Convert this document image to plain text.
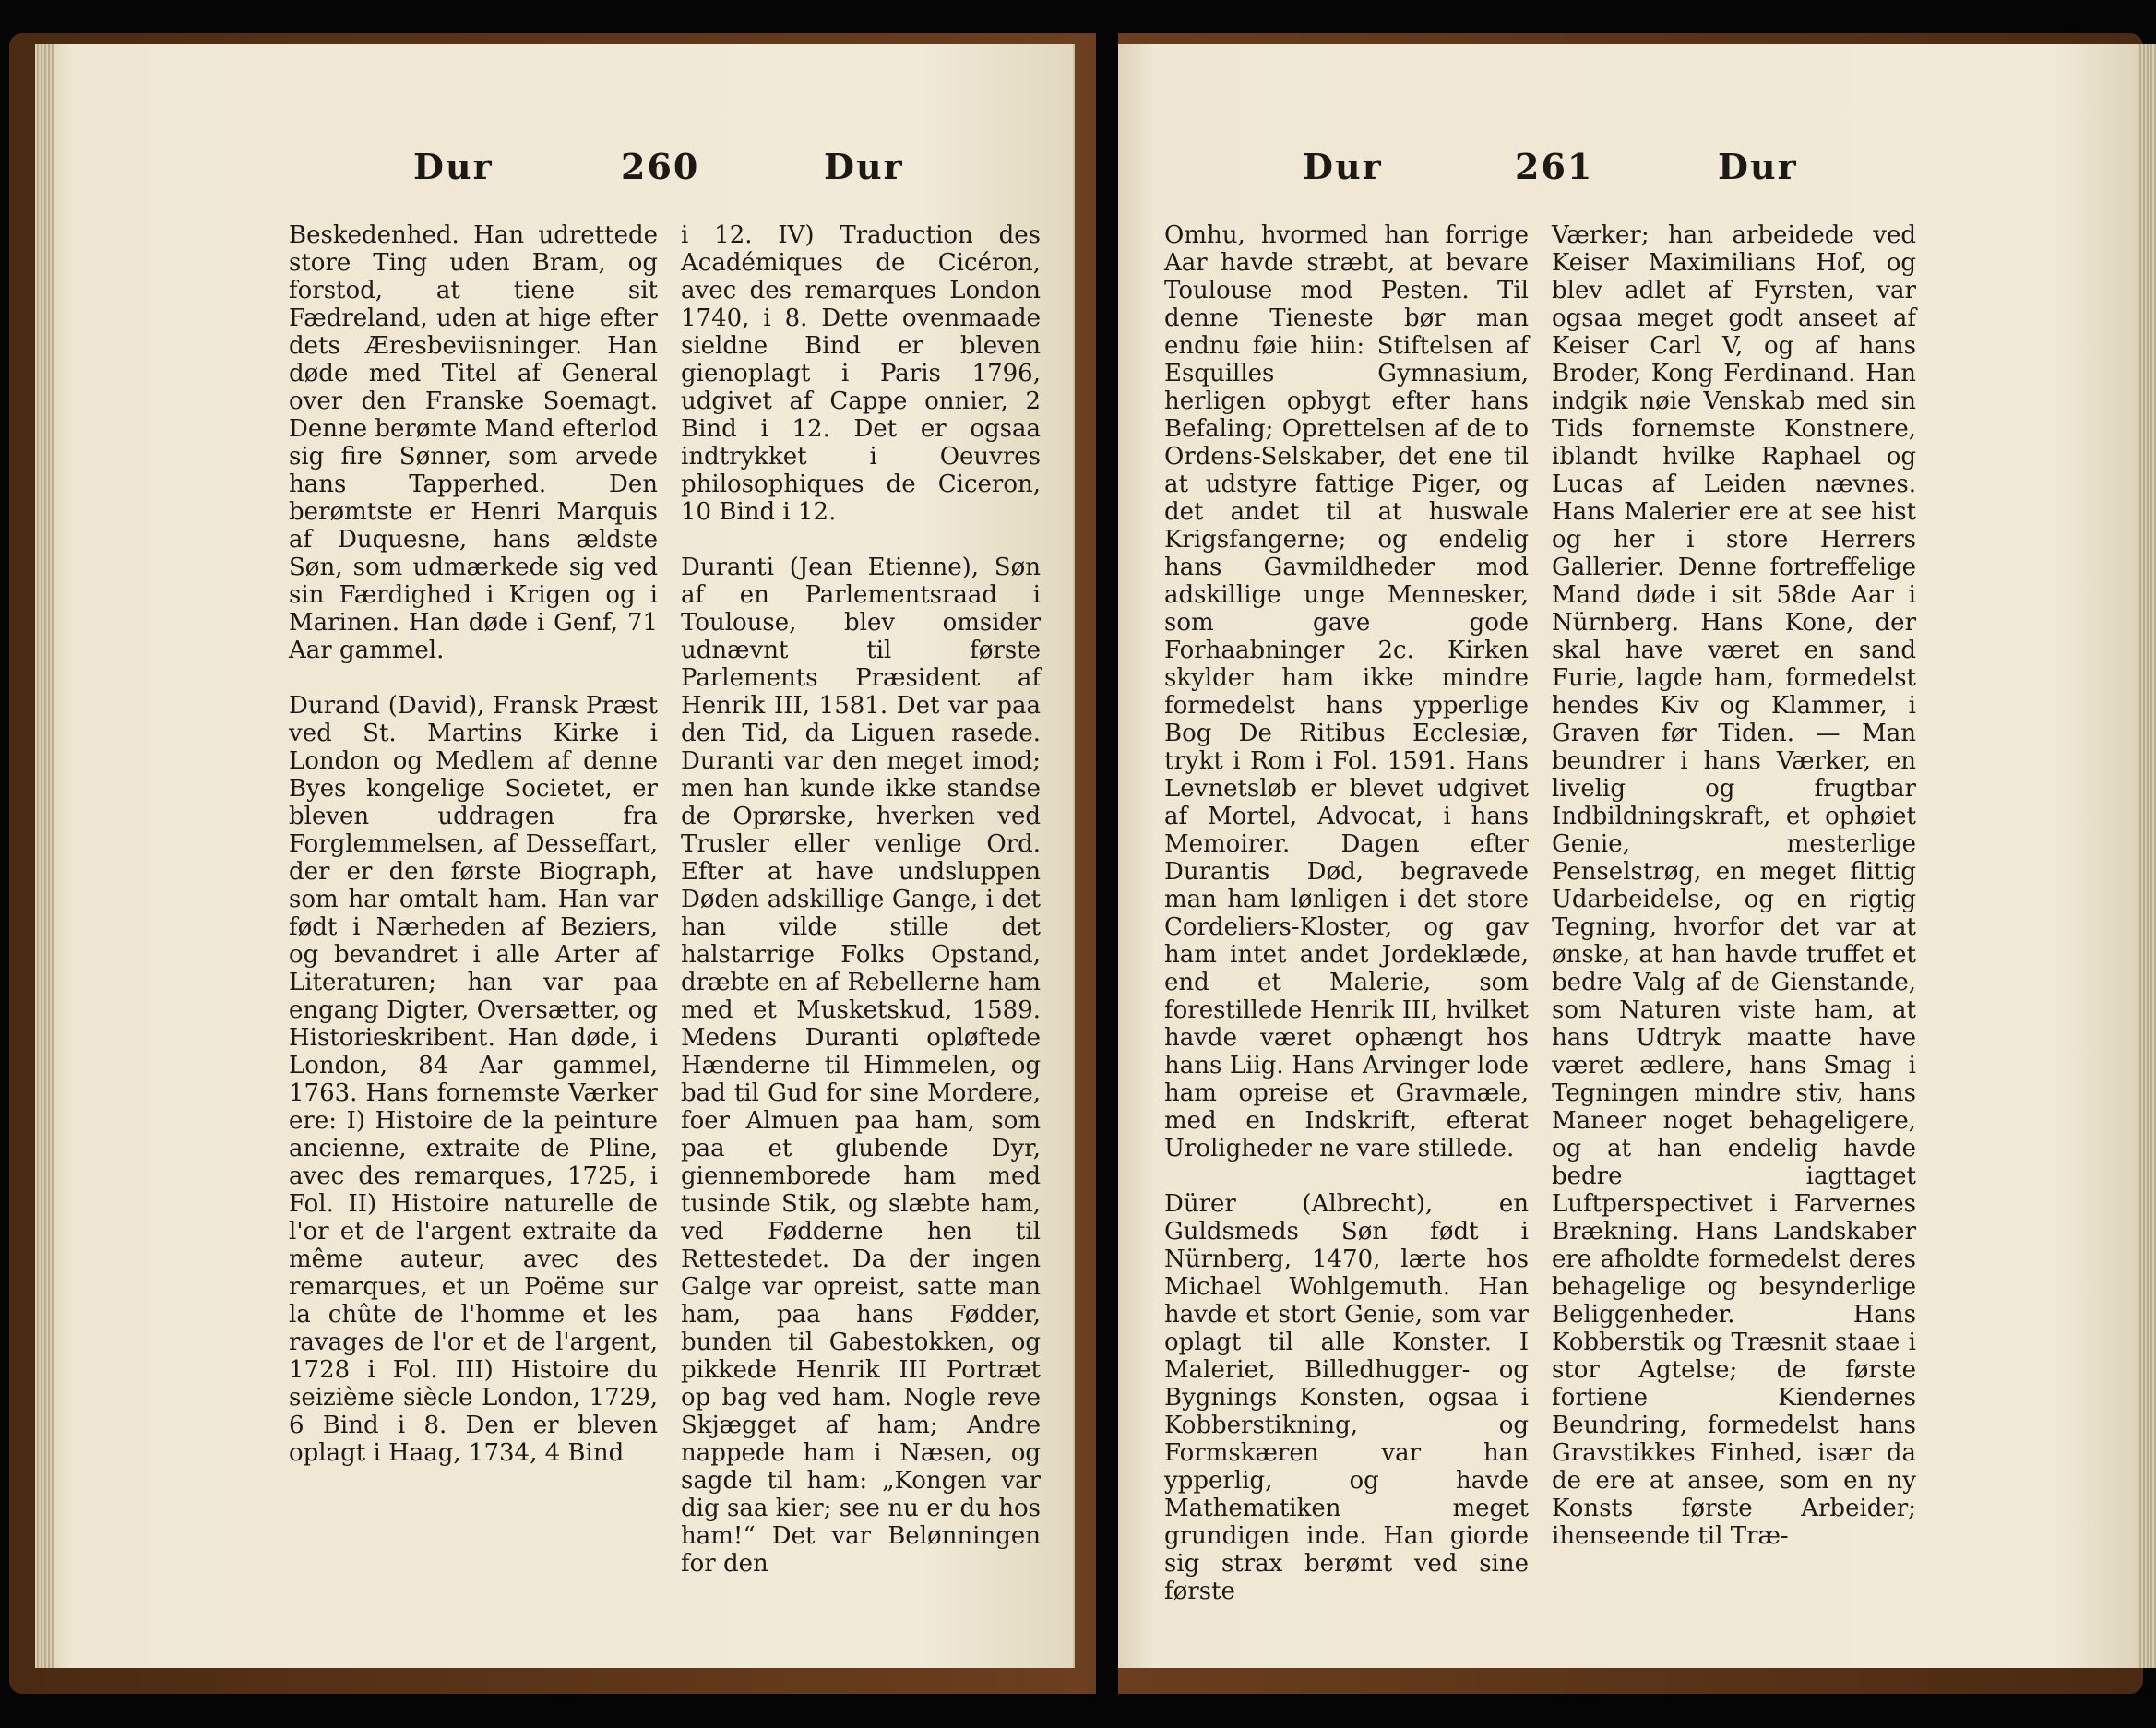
Dur	260	Dur
Beskedenhed. Han udrettede store Ting uden Bram, og forstod, at tiene sit Fædreland, uden at hige efter dets Æresbeviisninger. Han døde med Titel af General over den Franske Soemagt. Denne berømte Mand efterlod sig fire Sønner, som arvede hans Tapperhed. Den berømtste er Henri Marquis af Duquesne, hans ældste Søn, som udmærkede sig ved sin Færdighed i Krigen og i Marinen. Han døde i Genf, 71 Aar gammel.

Durand (David), Fransk Præst ved St. Martins Kirke i London og Medlem af denne Byes kongelige Societet, er bleven uddragen fra Forglemmelsen, af Desseffart, der er den første Biograph, som har omtalt ham. Han var født i Nærheden af Beziers, og bevandret i alle Arter af Literaturen; han var paa engang Digter, Oversætter, og Historieskribent. Han døde, i London, 84 Aar gammel, 1763. Hans fornemste Værker ere: I) Histoire de la peinture ancienne, extraite de Pline, avec des remarques, 1725, i Fol. II) Histoire naturelle de l'or et de l'argent extraite da même auteur, avec des remarques, et un Poëme sur la chûte de l'homme et les ravages de l'or et de l'argent, 1728 i Fol. III) Histoire du seizième siècle London, 1729, 6 Bind i 8. Den er bleven oplagt i Haag, 1734, 4 Bind
i 12. IV) Traduction des Académiques de Cicéron, avec des remarques London 1740, i 8. Dette ovenmaade sieldne Bind er bleven gienoplagt i Paris 1796, udgivet af Cappe onnier, 2 Bind i 12. Det er ogsaa indtrykket i Oeuvres philosophiques de Ciceron, 10 Bind i 12.

Duranti (Jean Etienne), Søn af en Parlementsraad i Toulouse, blev omsider udnævnt til første Parlements Præsident af Henrik III, 1581. Det var paa den Tid, da Liguen rasede. Duranti var den meget imod; men han kunde ikke standse de Oprørske, hverken ved Trusler eller venlige Ord. Efter at have undsluppen Døden adskillige Gange, i det han vilde stille det halstarrige Folks Opstand, dræbte en af Rebellerne ham med et Musketskud, 1589. Medens Duranti opløftede Hænderne til Himmelen, og bad til Gud for sine Mordere, foer Almuen paa ham, som paa et glubende Dyr, giennemborede ham med tusinde Stik, og slæbte ham, ved Fødderne hen til Rettestedet. Da der ingen Galge var opreist, satte man ham, paa hans Fødder, bunden til Gabestokken, og pikkede Henrik III Portræt op bag ved ham. Nogle reve Skjægget af ham; Andre nappede ham i Næsen, og sagde til ham: „Kongen var dig saa kier; see nu er du hos ham!“ Det var Belønningen for den
Dur	261	Dur
Omhu, hvormed han forrige Aar havde stræbt, at bevare Toulouse mod Pesten. Til denne Tieneste bør man endnu føie hiin: Stiftelsen af Esquilles Gymnasium, herligen opbygt efter hans Befaling; Oprettelsen af de to Ordens-Selskaber, det ene til at udstyre fattige Piger, og det andet til at huswale Krigsfangerne; og endelig hans Gavmildheder mod adskillige unge Mennesker, som gave gode Forhaabninger 2c. Kirken skylder ham ikke mindre formedelst hans ypperlige Bog De Ritibus Ecclesiæ, trykt i Rom i Fol. 1591. Hans Levnetsløb er blevet udgivet af Mortel, Advocat, i hans Memoirer. Dagen efter Durantis Død, begravede man ham lønligen i det store Cordeliers-Kloster, og gav ham intet andet Jordeklæde, end et Malerie, som forestillede Henrik III, hvilket havde været ophængt hos hans Liig. Hans Arvinger lode ham opreise et Gravmæle, med en Indskrift, efterat Uroligheder ne vare stillede.

Dürer (Albrecht), en Guldsmeds Søn født i Nürnberg, 1470, lærte hos Michael Wohlgemuth. Han havde et stort Genie, som var oplagt til alle Konster. I Maleriet, Billedhugger- og Bygnings Konsten, ogsaa i Kobberstikning, og Formskæren var han ypperlig, og havde Mathematiken meget grundigen inde. Han giorde sig strax berømt ved sine første
Værker; han arbeidede ved Keiser Maximilians Hof, og blev adlet af Fyrsten, var ogsaa meget godt anseet af Keiser Carl V, og af hans Broder, Kong Ferdinand. Han indgik nøie Venskab med sin Tids fornemste Konstnere, iblandt hvilke Raphael og Lucas af Leiden nævnes. Hans Malerier ere at see hist og her i store Herrers Gallerier. Denne fortreffelige Mand døde i sit 58de Aar i Nürnberg. Hans Kone, der skal have været en sand Furie, lagde ham, formedelst hendes Kiv og Klammer, i Graven før Tiden. — Man beundrer i hans Værker, en livelig og frugtbar Indbildningskraft, et ophøiet Genie, mesterlige Penselstrøg, en meget flittig Udarbeidelse, og en rigtig Tegning, hvorfor det var at ønske, at han havde truffet et bedre Valg af de Gienstande, som Naturen viste ham, at hans Udtryk maatte have været ædlere, hans Smag i Tegningen mindre stiv, hans Maneer noget behageligere, og at han endelig havde bedre iagttaget Luftperspectivet i Farvernes Brækning. Hans Landskaber ere afholdte formedelst deres behagelige og besynderlige Beliggenheder. Hans Kobberstik og Træsnit staae i stor Agtelse; de første fortiene Kiendernes Beundring, formedelst hans Gravstikkes Finhed, især da de ere at ansee, som en ny Konsts første Arbeider; ihenseende til Træ-
